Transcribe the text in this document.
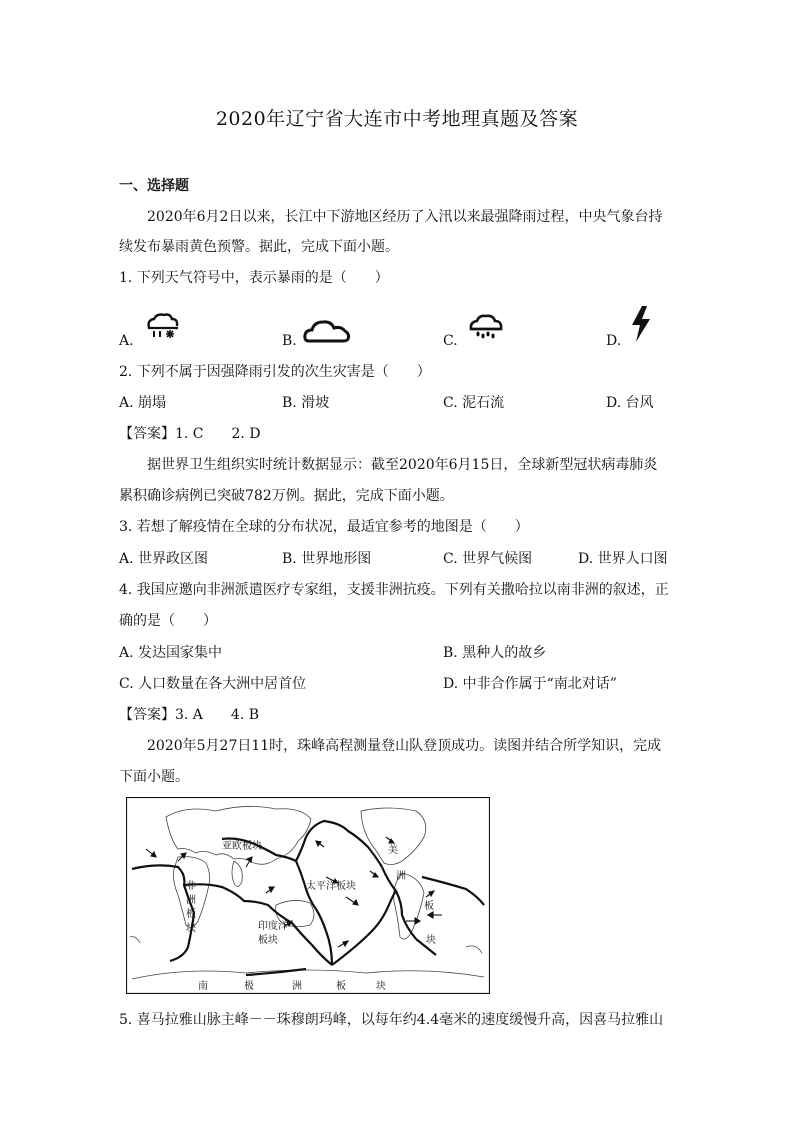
2020年辽宁省大连市中考地理真题及答案
一、选择题
2020年6月2日以来，长江中下游地区经历了入汛以来最强降雨过程，中央气象台持
续发布暴雨黄色预警。据此，完成下面小题。
1. 下列天气符号中，表示暴雨的是（　　）
A.	B.	C.	D.
2. 下列不属于因强降雨引发的次生灾害是（　　）
A. 崩塌	B. 滑坡	C. 泥石流	D. 台风
【答案】1. C　　2. D
据世界卫生组织实时统计数据显示：截至2020年6月15日，全球新型冠状病毒肺炎
累积确诊病例已突破782万例。据此，完成下面小题。
3. 若想了解疫情在全球的分布状况，最适宜参考的地图是（　　）
A. 世界政区图	B. 世界地形图	C. 世界气候图	D. 世界人口图
4. 我国应邀向非洲派遣医疗专家组，支援非洲抗疫。下列有关撒哈拉以南非洲的叙述，正
确的是（　　）
A. 发达国家集中	B. 黑种人的故乡
C. 人口数量在各大洲中居首位	D. 中非合作属于“南北对话”
【答案】3. A　　4. B
2020年5月27日11时，珠峰高程测量登山队登顶成功。读图并结合所学知识，完成
下面小题。
亚欧板块
太平洋板块
美
洲
板
块
非
洲
板
块	印度洋
板块
南	极	洲	板	块
5. 喜马拉雅山脉主峰－－珠穆朗玛峰，以每年约4.4毫米的速度缓慢升高，因喜马拉雅山
